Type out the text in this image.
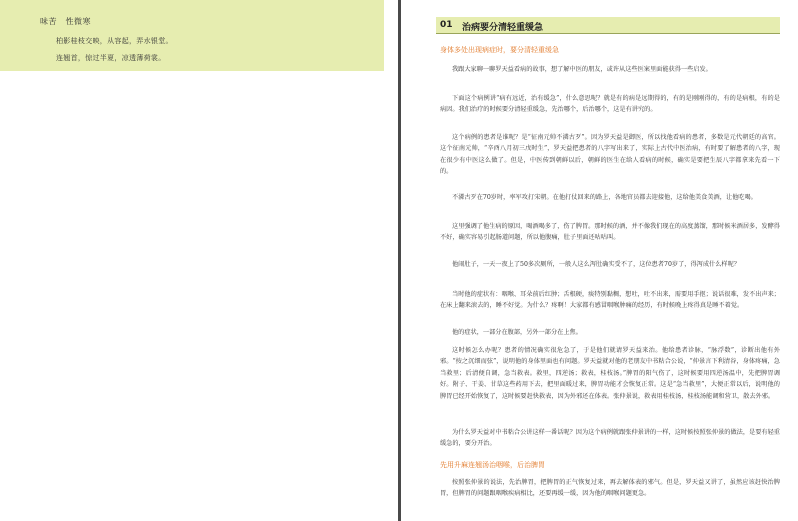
味苦　性微寒
柏影桂枝交映，从容起，弄水银堂。
连翘首，惊过半夏，凉透薄荷裳。
01 治病要分清轻重缓急
身体多处出现病症时，要分清轻重缓急
我跟大家聊一聊罗天益看病的故事，想了解中医的朋友，或许从这些医案里面能获得一些启发。
下面这个病例讲“病有远近，治有缓急”，什么意思呢？就是有的病是远期得的，有的是刚刚得的，有的是病根，有的是病因。我们治疗的时候要分清轻重缓急，先治哪个，后治哪个，这是有讲究的。
这个病例的患者是谁呢？是“征南元帅不潾古歹”。因为罗天益是御医，所以找他看病的患者，多数是元代朝廷的高官。这个征南元帅，“辛酉八月初三戊时生”，罗天益把患者的八字写出来了，实际上古代中医治病，有时要了解患者的八字，现在很少有中医这么做了。但是，中医传到朝鲜以后，朝鲜的医生在给人看病的时候，确实是要把生辰八字都拿来先看一下的。
不潾古歹在70岁时，率军攻打宋朝。在他打仗回来的路上，各地官员都去迎接他，这给他美食美酒，让他吃喝。
这里强调了他生病的原因，喝酒喝多了，伤了脾胃。那时候的酒，并不像我们现在的高度蒸馏，那时候米酒居多，发酵得不好，确实容易引起肠道问题，所以他腹痛，肚子里面还咕咕叫。
他闹肚子，一天一夜上了50多次厕所，一般人这么泻肚确实受不了，这位患者70岁了，得泻成什么样呢？
当时他的症状有：咽喉、耳朵前后红肿；舌根硬，痰特别黏稠，想吐，吐不出来，需要用手抠；说话很难，发不出声来；在床上翻来滚去的，睡不好觉。为什么？疼啊！大家都有感冒咽喉肿痛的经历，有时候晚上疼得真是睡不着觉。
他的症状，一部分在腹部，另外一部分在上焦。
这时候怎么办呢？患者的情况确实很危急了，于是他们就请罗天益来治。他给患者诊脉，“脉浮数”，诊断出他有外邪。“按之沉细而弦”，说明他的身体里面也有问题。罗天益就对他的老朋友中书粘合公说，“仲景言下利清谷，身体疼痛，急当救里；后清便自调，急当救表。救里，四逆汤；救表，桂枝汤。”脾胃的阳气伤了，这时候要用四逆汤温中，先把脾胃调好。附子、干姜、甘草这些药用下去，把里面暖过来，脾胃功能才会恢复正常。这是“急当救里”，大便正常以后，说明他的脾胃已经开始恢复了，这时候要赶快救表，因为外邪还在体表。张仲景说，救表用桂枝汤，桂枝汤能调和营卫，散去外邪。
为什么罗天益对中书粘合公讲这样一番话呢？因为这个病例就跟张仲景讲的一样，这时候按照张仲景的做法，是要有轻重缓急的，要分开治。
先用升麻连翘汤治咽喉，后治脾胃
按照张仲景的说法，先治脾胃，把脾胃的正气恢复过来，再去解体表的邪气。但是，罗天益又讲了，虽然应该赶快治脾胃，但脾胃的问题跟咽喉疾病相比，还要再缓一缓，因为他的咽喉问题更急。
